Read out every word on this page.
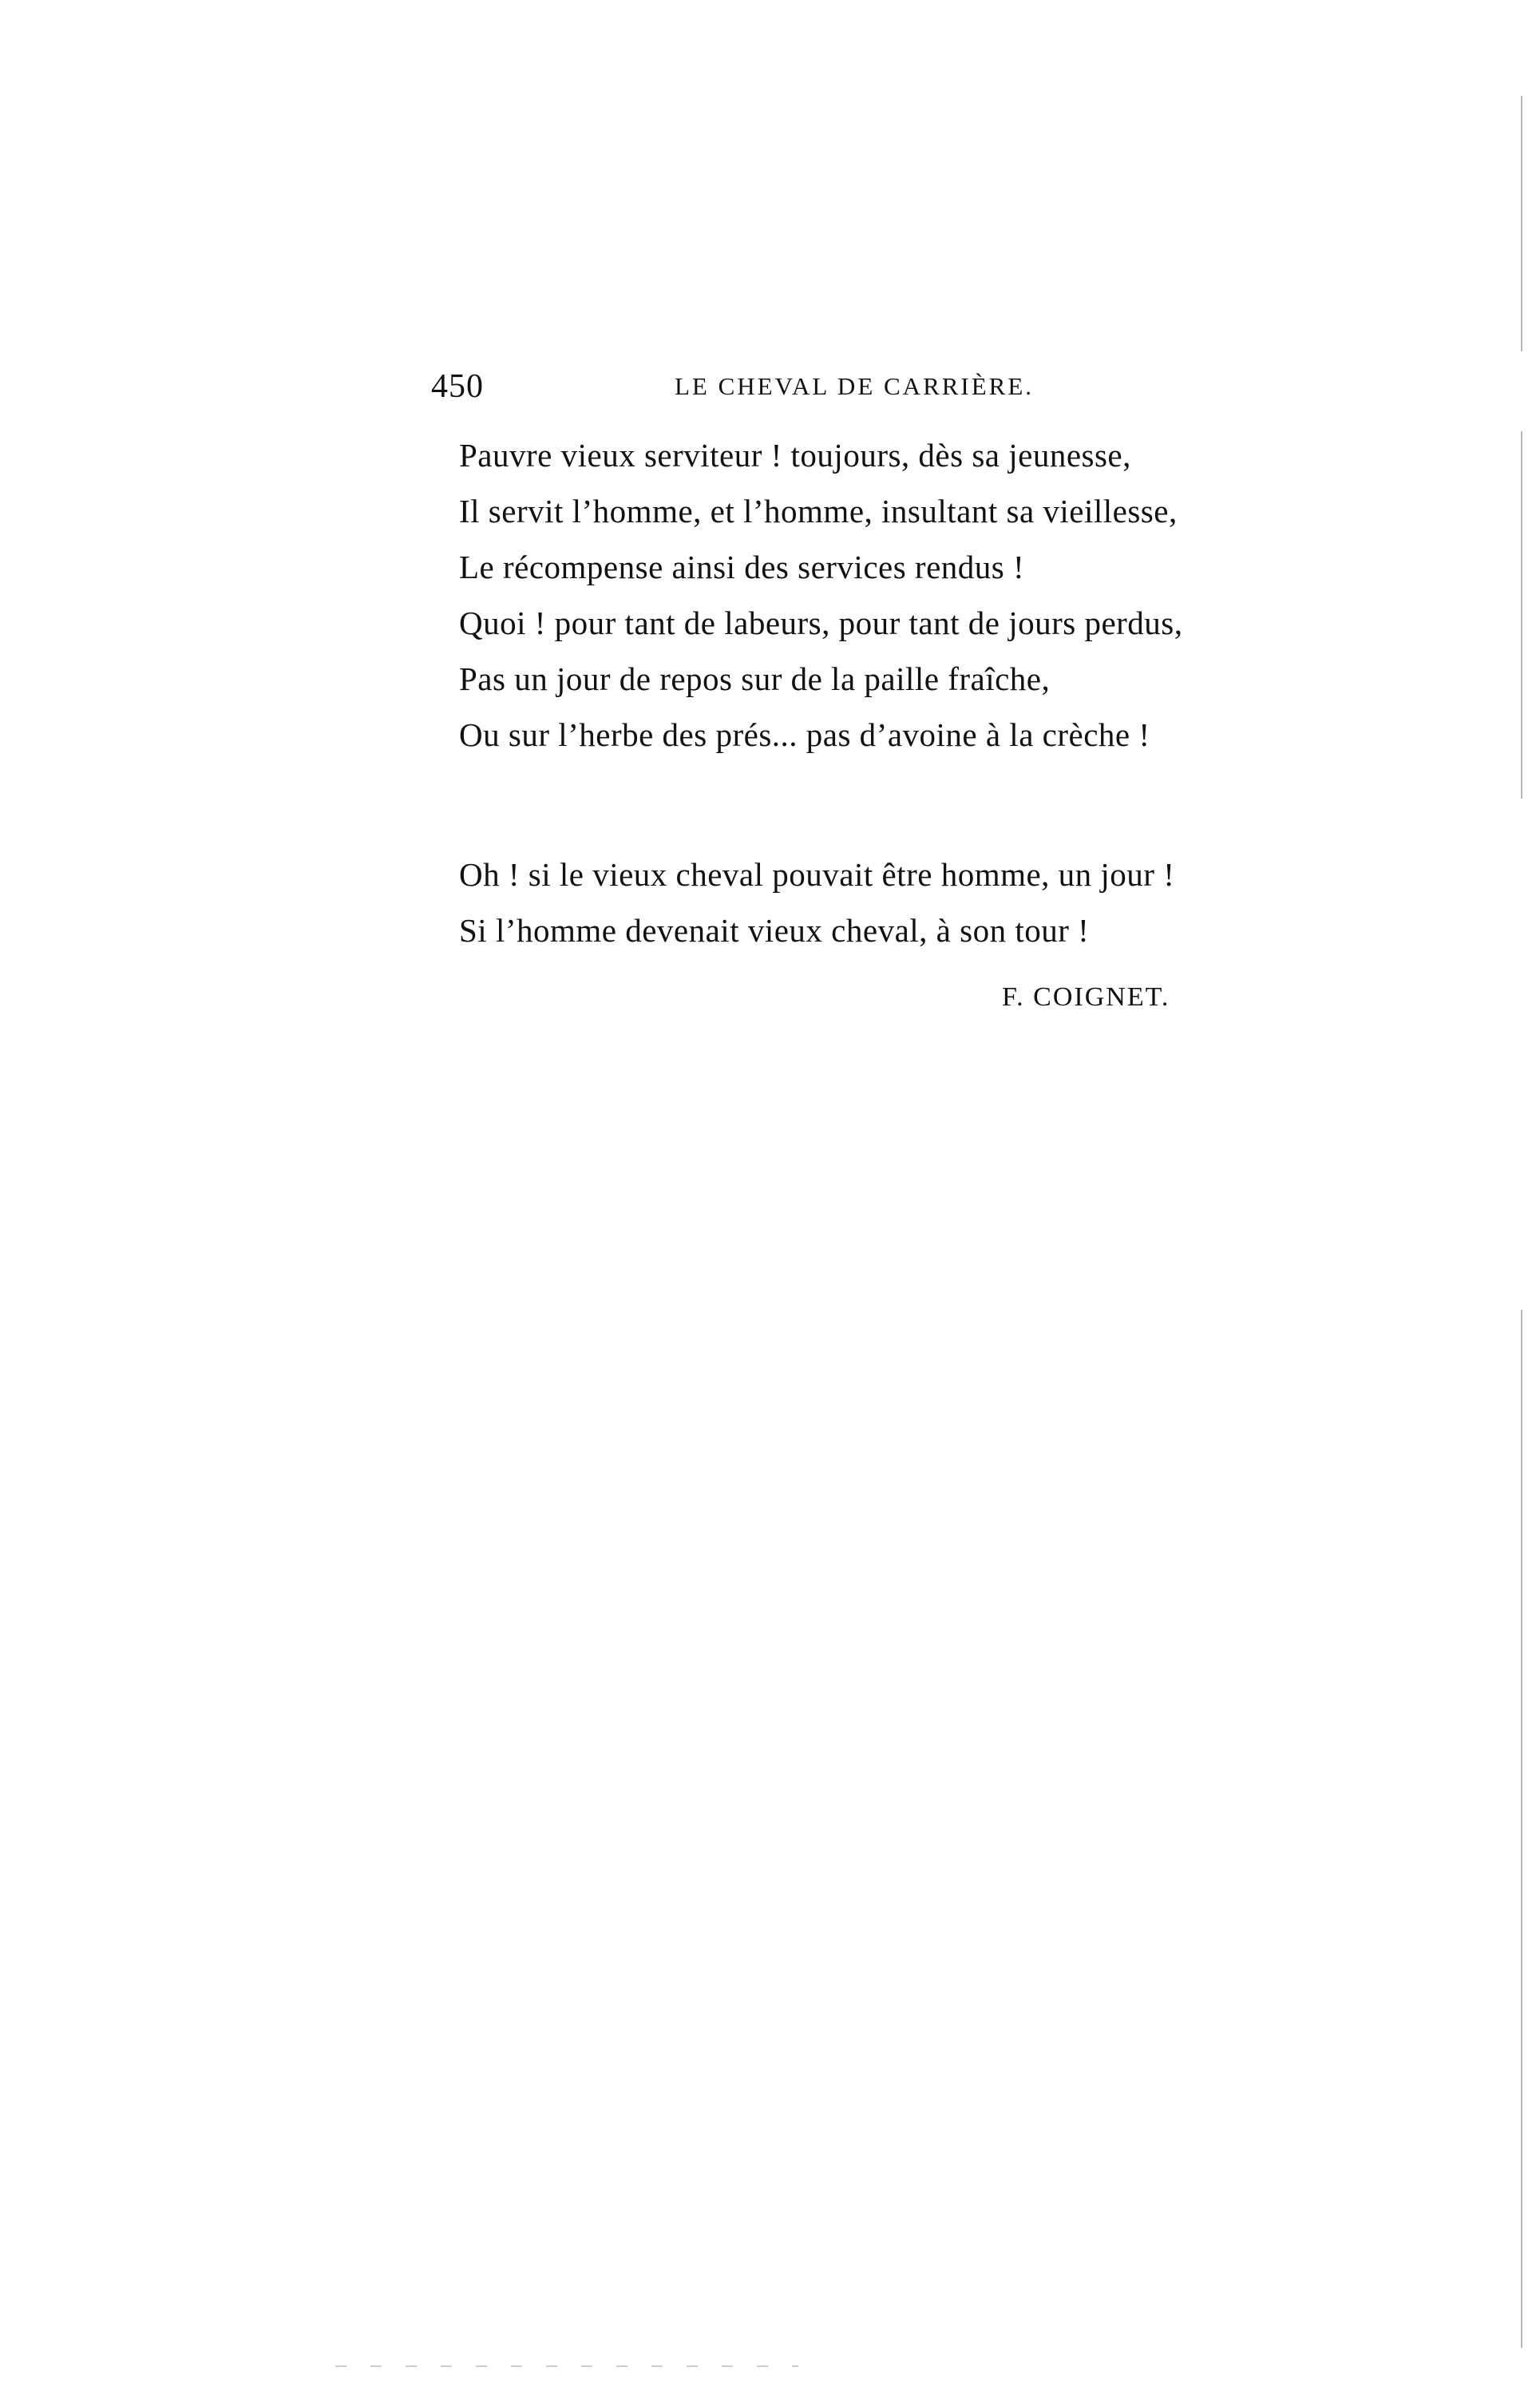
450	LE CHEVAL DE CARRIÈRE.
Pauvre vieux serviteur ! toujours, dès sa jeunesse,
Il servit l’homme, et l’homme, insultant sa vieillesse,
Le récompense ainsi des services rendus !
Quoi ! pour tant de labeurs, pour tant de jours perdus,
Pas un jour de repos sur de la paille fraîche,
Ou sur l’herbe des prés... pas d’avoine à la crèche !
Oh ! si le vieux cheval pouvait être homme, un jour !
Si l’homme devenait vieux cheval, à son tour !
F. COIGNET.
